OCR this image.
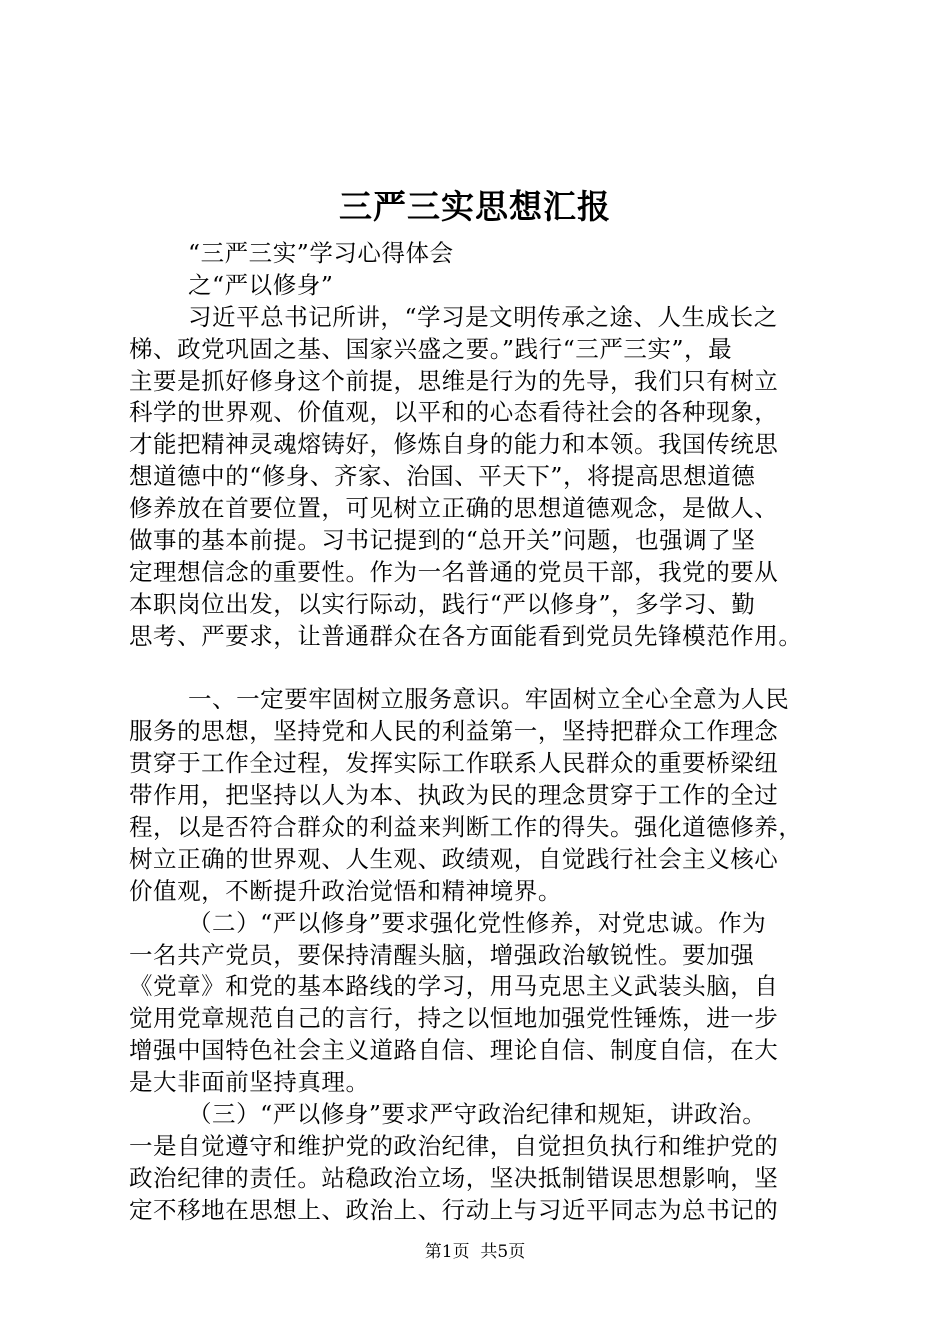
三严三实思想汇报

“三严三实”学习心得体会

之“严以修身”

习近平总书记所讲，“学习是文明传承之途、人生成长之

梯、政党巩固之基、国家兴盛之要。”践行“三严三实”，最

主要是抓好修身这个前提，思维是行为的先导，我们只有树立

科学的世界观、价值观，以平和的心态看待社会的各种现象，

才能把精神灵魂熔铸好，修炼自身的能力和本领。我国传统思

想道德中的“修身、齐家、治国、平天下”，将提高思想道德

修养放在首要位置，可见树立正确的思想道德观念，是做人、

做事的基本前提。习书记提到的“总开关”问题，也强调了坚

定理想信念的重要性。作为一名普通的党员干部，我党的要从

本职岗位出发，以实行际动，践行“严以修身”，多学习、勤

思考、严要求，让普通群众在各方面能看到党员先锋模范作用。

一、一定要牢固树立服务意识。牢固树立全心全意为人民

服务的思想，坚持党和人民的利益第一，坚持把群众工作理念

贯穿于工作全过程，发挥实际工作联系人民群众的重要桥梁纽

带作用，把坚持以人为本、执政为民的理念贯穿于工作的全过

程，以是否符合群众的利益来判断工作的得失。强化道德修养，

树立正确的世界观、人生观、政绩观，自觉践行社会主义核心

价值观，不断提升政治觉悟和精神境界。

（二）“严以修身”要求强化党性修养，对党忠诚。作为

一名共产党员，要保持清醒头脑，增强政治敏锐性。要加强

《党章》和党的基本路线的学习，用马克思主义武装头脑，自

觉用党章规范自己的言行，持之以恒地加强党性锤炼，进一步

增强中国特色社会主义道路自信、理论自信、制度自信，在大

是大非面前坚持真理。

（三）“严以修身”要求严守政治纪律和规矩，讲政治。

一是自觉遵守和维护党的政治纪律，自觉担负执行和维护党的

政治纪律的责任。站稳政治立场，坚决抵制错误思想影响，坚

定不移地在思想上、政治上、行动上与习近平同志为总书记的

第1页  共5页
